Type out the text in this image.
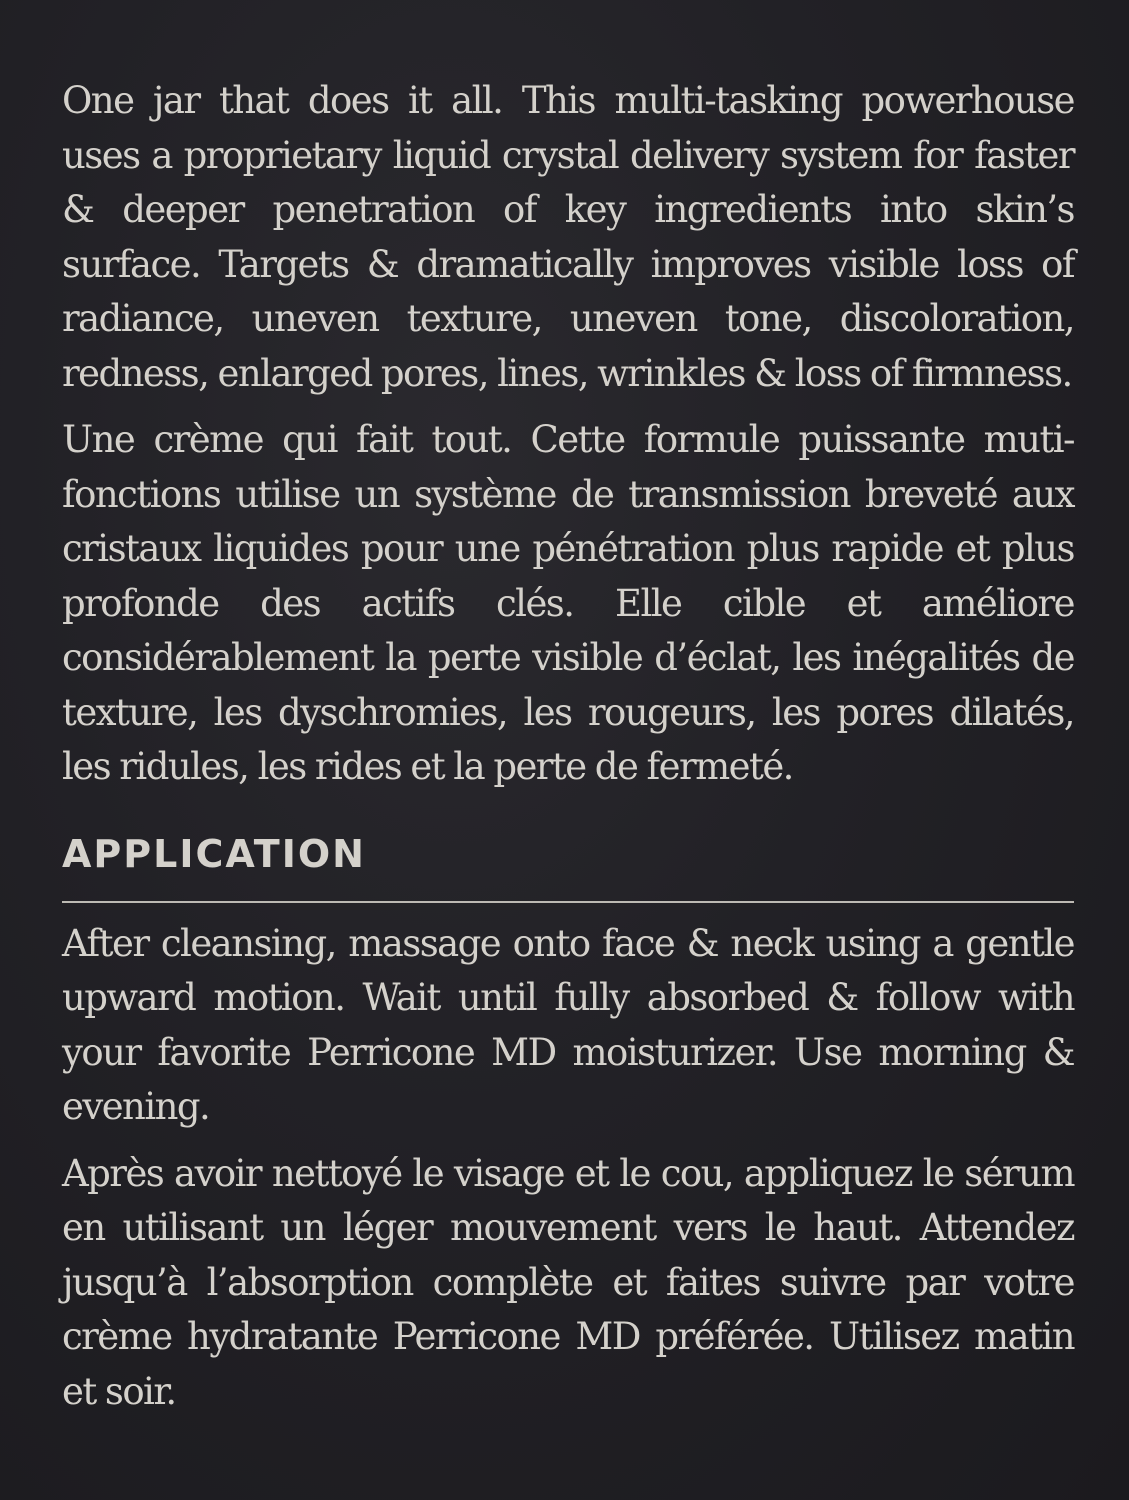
One jar that does it all. This multi-tasking powerhouse uses a proprietary liquid crystal delivery system for faster & deeper penetration of key ingredients into skin’s surface. Targets & dramatically improves visible loss of radiance, uneven texture, uneven tone, discoloration, redness, enlarged pores, lines, wrinkles & loss of firmness.

Une crème qui fait tout. Cette formule puissante muti-fonctions utilise un système de transmission breveté aux cristaux liquides pour une pénétration plus rapide et plus profonde des actifs clés. Elle cible et améliore considérablement la perte visible d’éclat, les inégalités de texture, les dyschromies, les rougeurs, les pores dilatés, les ridules, les rides et la perte de fermeté.

APPLICATION

After cleansing, massage onto face & neck using a gentle upward motion. Wait until fully absorbed & follow with your favorite Perricone MD moisturizer. Use morning & evening.

Après avoir nettoyé le visage et le cou, appliquez le sérum en utilisant un léger mouvement vers le haut. Attendez jusqu’à l’absorption complète et faites suivre par votre crème hydratante Perricone MD préférée. Utilisez matin et soir.
